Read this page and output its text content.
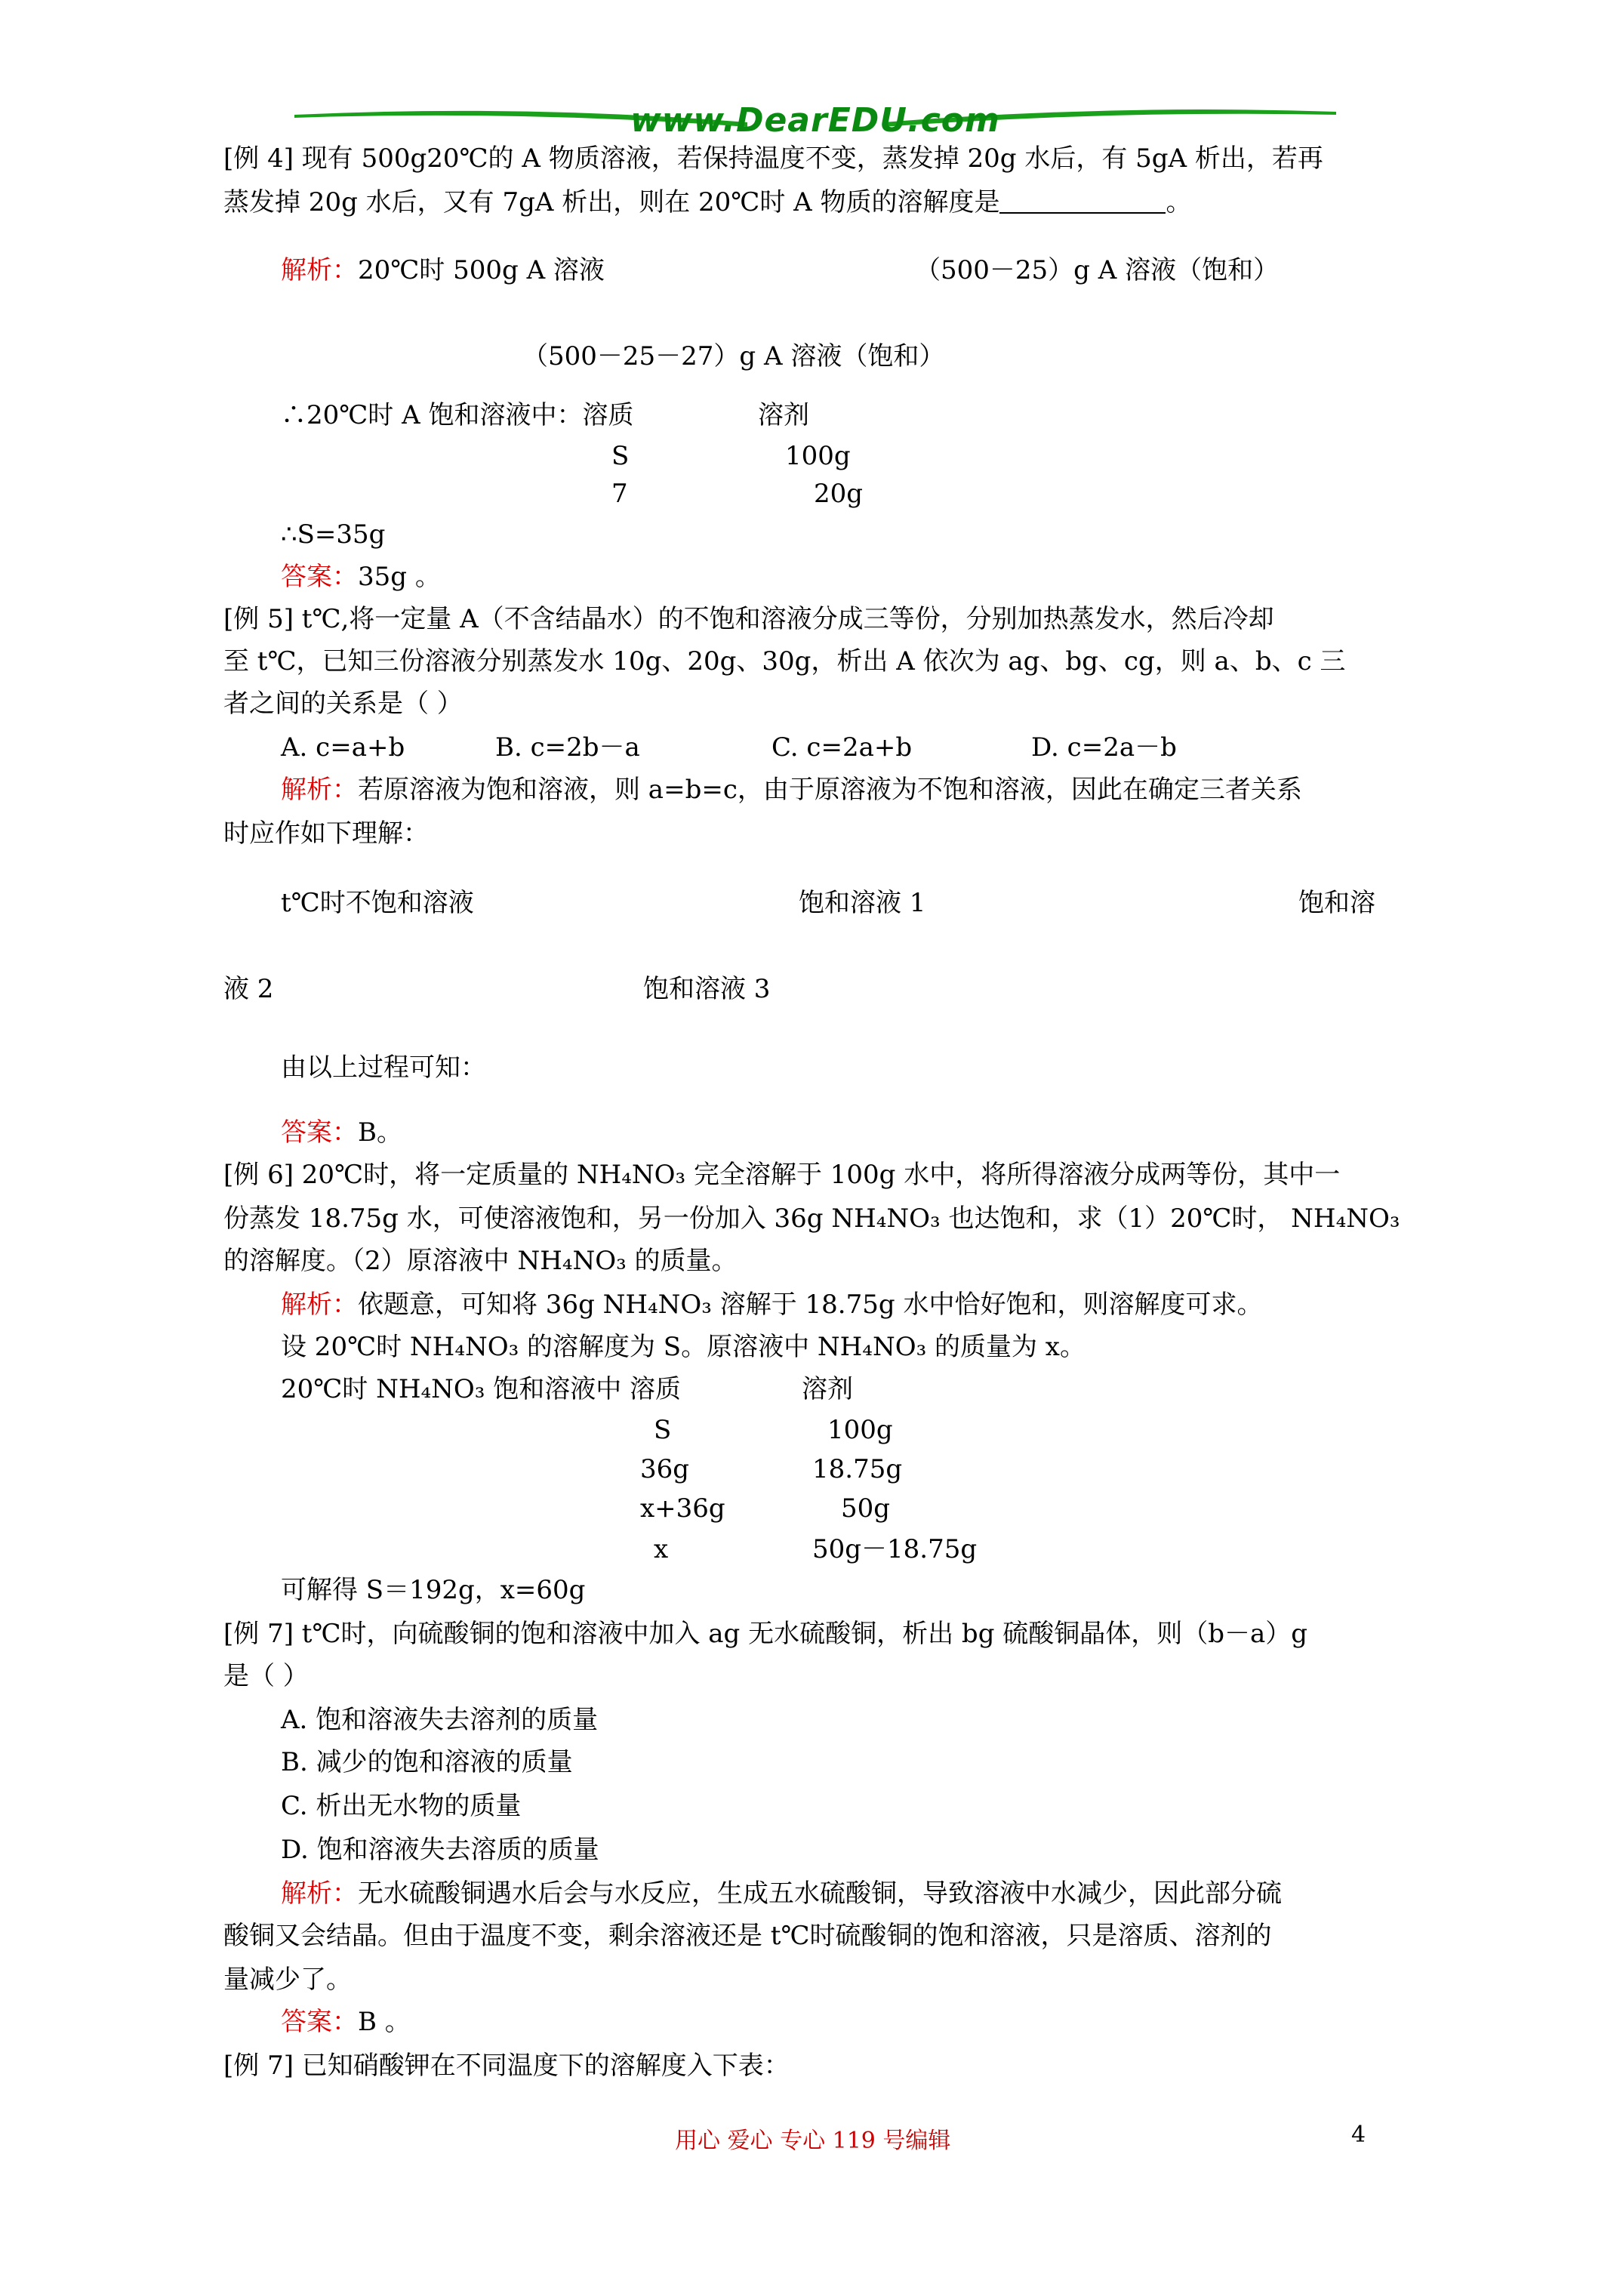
www.DearEDU.com
[例 4] 现有 500g20℃的 A 物质溶液，若保持温度不变，蒸发掉 20g 水后，有 5gA 析出，若再
蒸发掉 20g 水后，又有 7gA 析出，则在 20℃时 A 物质的溶解度是	。
解析：20℃时 500g A 溶液	（500－25）g A 溶液（饱和）
（500－25－27）g A 溶液（饱和）
∴20℃时 A 饱和溶液中：溶质	溶剂
S	100g
7	20g
∴S=35g
答案：35g 。
[例 5] t℃,将一定量 A（不含结晶水）的不饱和溶液分成三等份，分别加热蒸发水，然后冷却
至 t℃，已知三份溶液分别蒸发水 10g、20g、30g，析出 A 依次为 ag、bg、cg，则 a、b、c 三
者之间的关系是（ ）
A. c=a+b	B. c=2b－a	C. c=2a+b	D. c=2a－b
解析：若原溶液为饱和溶液，则 a=b=c，由于原溶液为不饱和溶液，因此在确定三者关系
时应作如下理解：
t℃时不饱和溶液	饱和溶液 1	饱和溶
液 2	饱和溶液 3
由以上过程可知：
答案：B。
[例 6] 20℃时，将一定质量的 NH₄NO₃ 完全溶解于 100g 水中，将所得溶液分成两等份，其中一
份蒸发 18.75g 水，可使溶液饱和，另一份加入 36g NH₄NO₃ 也达饱和，求（1）20℃时， NH₄NO₃
的溶解度。（2）原溶液中 NH₄NO₃ 的质量。
解析：依题意，可知将 36g NH₄NO₃ 溶解于 18.75g 水中恰好饱和，则溶解度可求。
设 20℃时 NH₄NO₃ 的溶解度为 S。原溶液中 NH₄NO₃ 的质量为 x。
20℃时 NH₄NO₃ 饱和溶液中 溶质	溶剂
S	100g
36g	18.75g
x+36g	50g
x	50g－18.75g
可解得 S＝192g，x=60g
[例 7] t℃时，向硫酸铜的饱和溶液中加入 ag 无水硫酸铜，析出 bg 硫酸铜晶体，则（b－a）g
是（ ）
A. 饱和溶液失去溶剂的质量
B. 减少的饱和溶液的质量
C. 析出无水物的质量
D. 饱和溶液失去溶质的质量
解析：无水硫酸铜遇水后会与水反应，生成五水硫酸铜，导致溶液中水减少，因此部分硫
酸铜又会结晶。但由于温度不变，剩余溶液还是 t℃时硫酸铜的饱和溶液，只是溶质、溶剂的
量减少了。
答案：B 。
[例 7] 已知硝酸钾在不同温度下的溶解度入下表：
用心 爱心 专心 119 号编辑	4
